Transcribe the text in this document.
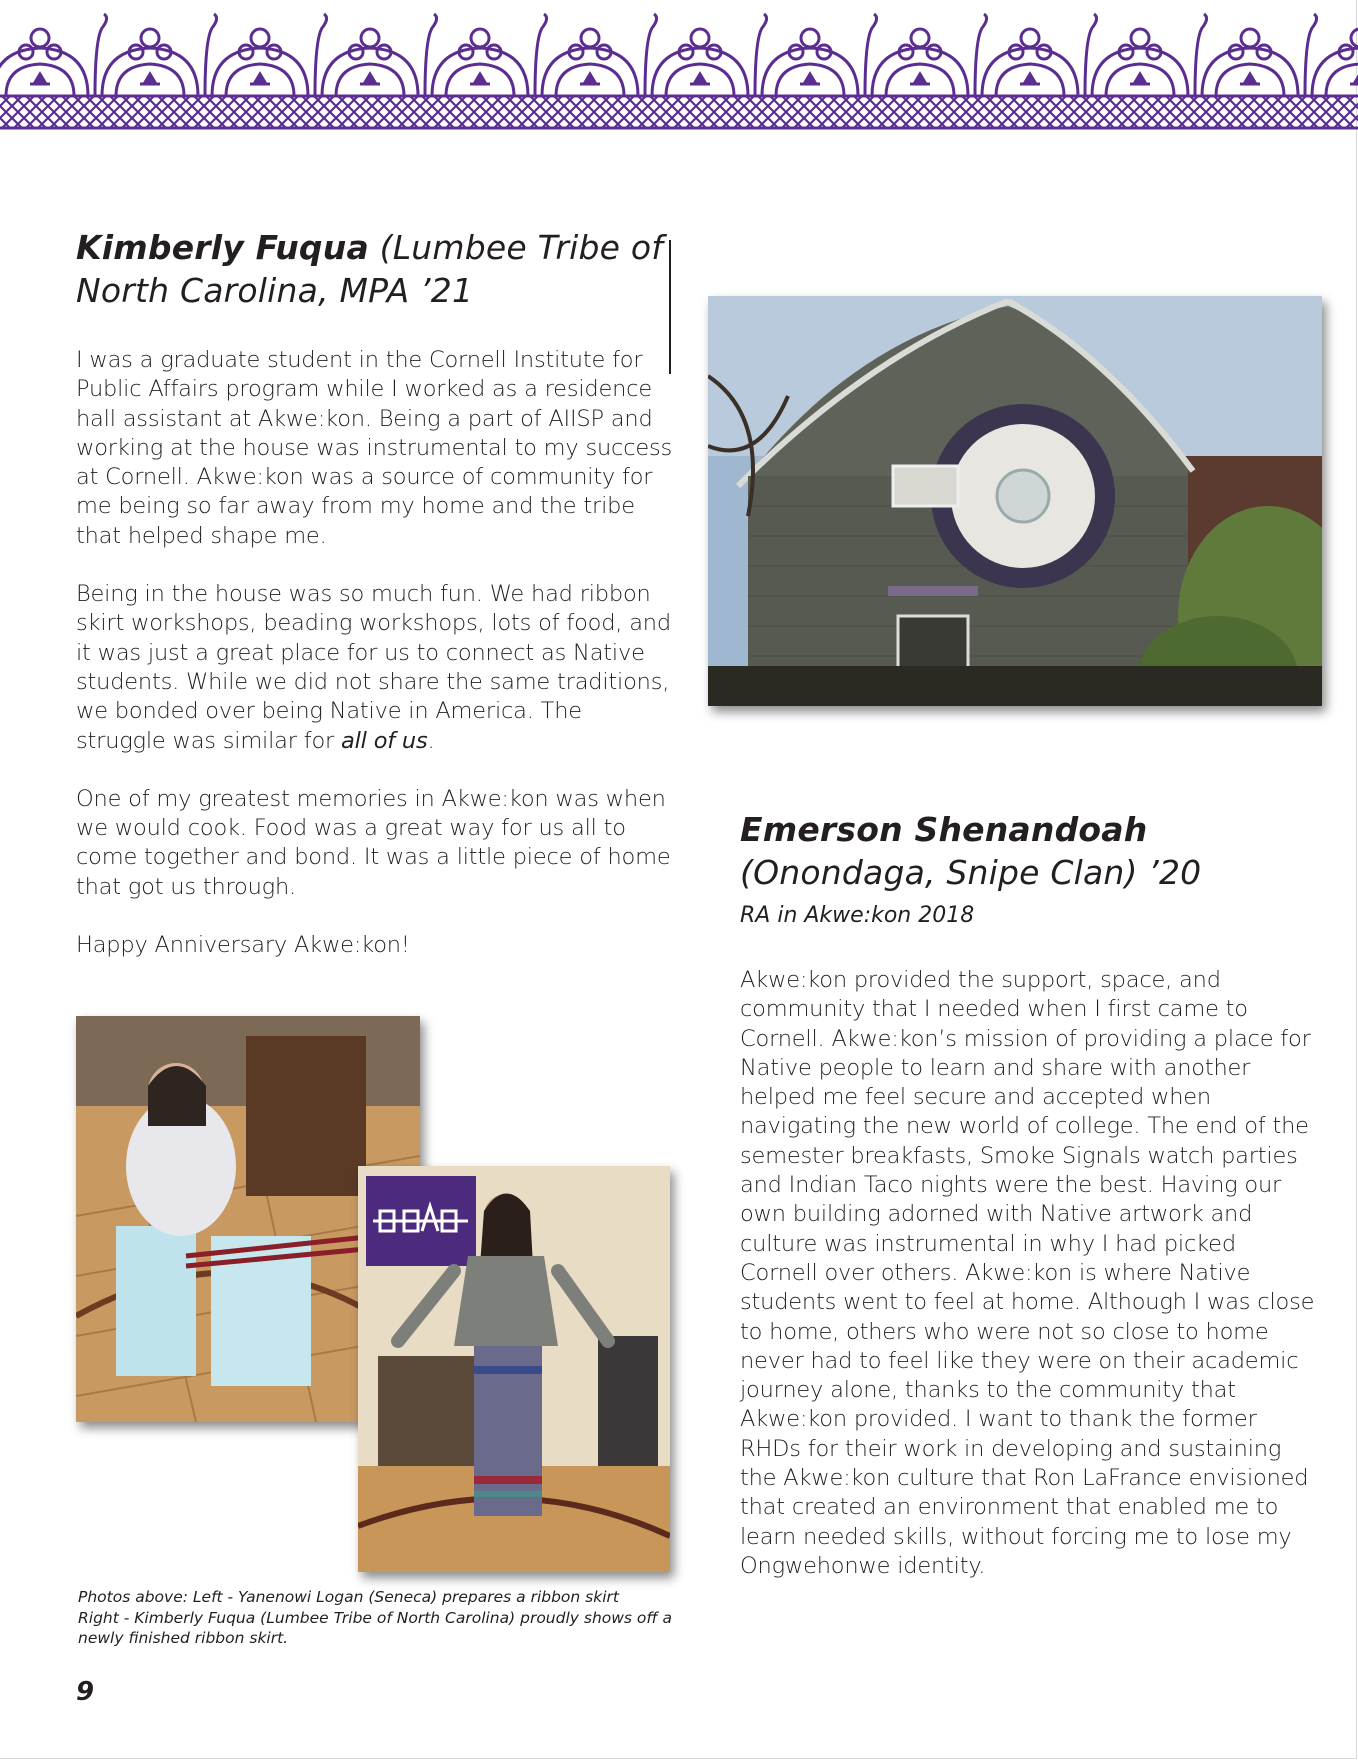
Kimberly Fuqua (Lumbee Tribe of North Carolina, MPA ’21

I was a graduate student in the Cornell Institute for Public Affairs program while I worked as a residence hall assistant at Akwe:kon. Being a part of AIISP and working at the house was instrumental to my success at Cornell. Akwe:kon was a source of community for me being so far away from my home and the tribe that helped shape me.

Being in the house was so much fun. We had ribbon skirt workshops, beading workshops, lots of food, and it was just a great place for us to connect as Native students. While we did not share the same traditions, we bonded over being Native in America. The struggle was similar for all of us.

One of my greatest memories in Akwe:kon was when we would cook. Food was a great way for us all to come together and bond. It was a little piece of home that got us through.

Happy Anniversary Akwe:kon!

Photos above: Left - Yanenowi Logan (Seneca) prepares a ribbon skirt
Right - Kimberly Fuqua (Lumbee Tribe of North Carolina) proudly shows off a newly finished ribbon skirt.

Emerson Shenandoah (Onondaga, Snipe Clan) ’20

RA in Akwe:kon 2018

Akwe:kon provided the support, space, and community that I needed when I first came to Cornell. Akwe:kon’s mission of providing a place for Native people to learn and share with another helped me feel secure and accepted when navigating the new world of college. The end of the semester breakfasts, Smoke Signals watch parties and Indian Taco nights were the best. Having our own building adorned with Native artwork and culture was instrumental in why I had picked Cornell over others. Akwe:kon is where Native students went to feel at home. Although I was close to home, others who were not so close to home never had to feel like they were on their academic journey alone, thanks to the community that Akwe:kon provided. I want to thank the former RHDs for their work in developing and sustaining the Akwe:kon culture that Ron LaFrance envisioned that created an environment that enabled me to learn needed skills, without forcing me to lose my Ongwehonwe identity.

9
